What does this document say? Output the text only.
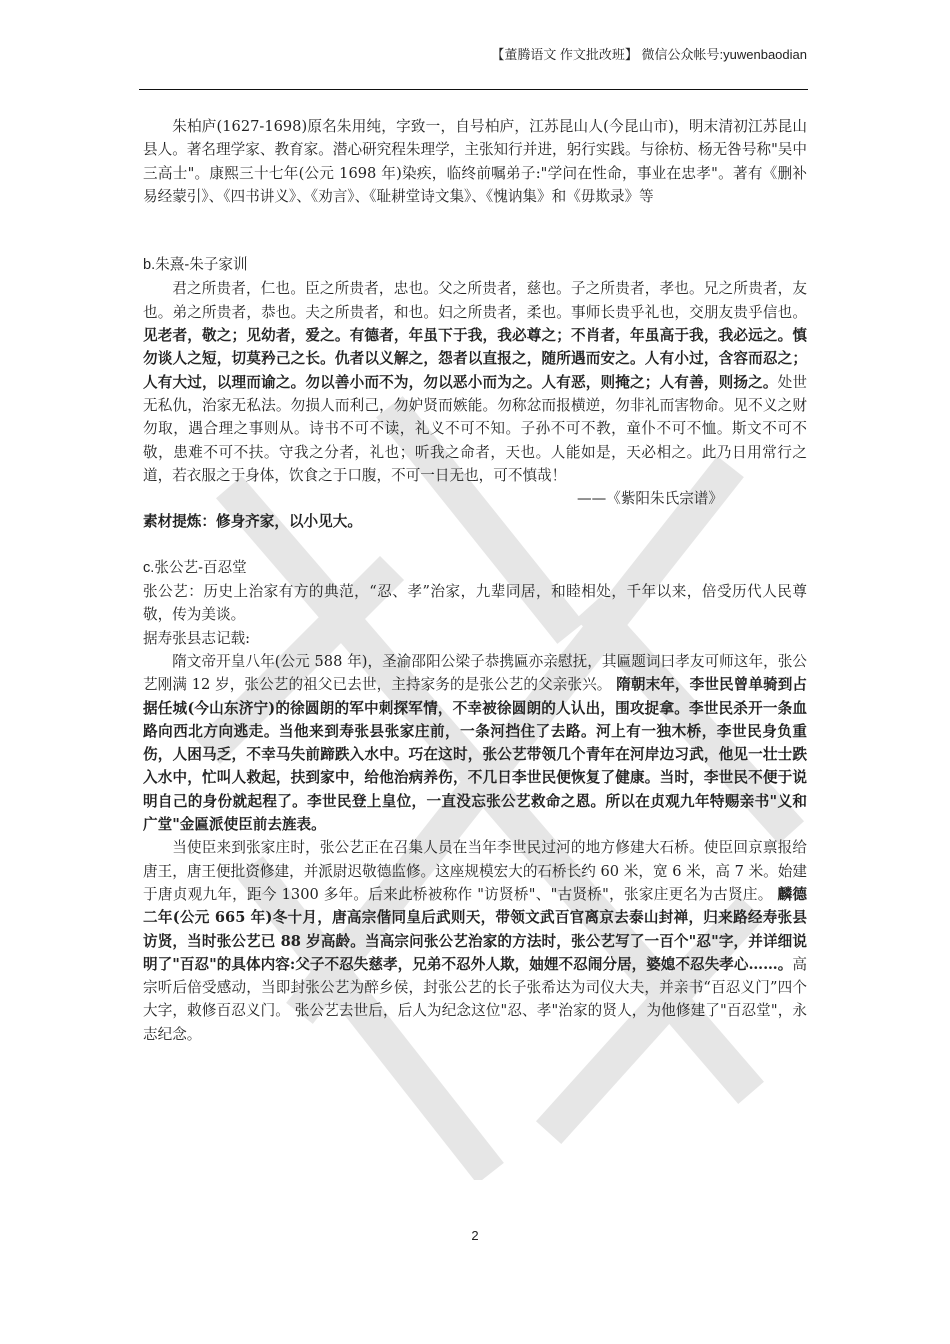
【董腾语文 作文批改班】 微信公众帐号:yuwenbaodian

朱柏庐(1627-1698)原名朱用纯，字致一，自号柏庐，江苏昆山人(今昆山市)，明末清初江苏昆山县人。著名理学家、教育家。潜心研究程朱理学，主张知行并进，躬行实践。与徐枋、杨无咎号称"吴中三高士"。康熙三十七年(公元 1698 年)染疾，临终前嘱弟子:"学问在性命，事业在忠孝"。著有《删补易经蒙引》、《四书讲义》、《劝言》、《耻耕堂诗文集》、《愧讷集》和《毋欺录》等

b.朱熹-朱子家训

君之所贵者，仁也。臣之所贵者，忠也。父之所贵者，慈也。子之所贵者，孝也。兄之所贵者，友也。弟之所贵者，恭也。夫之所贵者，和也。妇之所贵者，柔也。事师长贵乎礼也，交朋友贵乎信也。见老者，敬之；见幼者，爱之。有德者，年虽下于我，我必尊之；不肖者，年虽高于我，我必远之。慎勿谈人之短，切莫矜己之长。仇者以义解之，怨者以直报之，随所遇而安之。人有小过，含容而忍之；人有大过，以理而谕之。勿以善小而不为，勿以恶小而为之。人有恶，则掩之；人有善，则扬之。处世无私仇，治家无私法。勿损人而利己，勿妒贤而嫉能。勿称忿而报横逆，勿非礼而害物命。见不义之财勿取，遇合理之事则从。诗书不可不读，礼义不可不知。子孙不可不教，童仆不可不恤。斯文不可不敬，患难不可不扶。守我之分者，礼也；听我之命者，天也。人能如是，天必相之。此乃日用常行之道，若衣服之于身体，饮食之于口腹，不可一日无也，可不慎哉！

——《紫阳朱氏宗谱》

素材提炼：修身齐家，以小见大。

c.张公艺-百忍堂

张公艺：历史上治家有方的典范，“忍、孝”治家，九辈同居，和睦相处，千年以来，倍受历代人民尊敬，传为美谈。

据寿张县志记载:

隋文帝开皇八年(公元 588 年)，圣渝邵阳公梁子恭携匾亦亲慰抚，其匾题词曰孝友可师这年，张公艺刚满 12 岁，张公艺的祖父已去世，主持家务的是张公艺的父亲张兴。 隋朝末年，李世民曾单骑到占据任城(今山东济宁)的徐圆朗的军中刺探军情，不幸被徐圆朗的人认出，围攻捉拿。李世民杀开一条血路向西北方向逃走。当他来到寿张县张家庄前，一条河挡住了去路。河上有一独木桥，李世民身负重伤，人困马乏，不幸马失前蹄跌入水中。巧在这时，张公艺带领几个青年在河岸边习武，他见一壮士跌入水中，忙叫人救起，扶到家中，给他治病养伤，不几日李世民便恢复了健康。当时，李世民不便于说明自己的身份就起程了。李世民登上皇位，一直没忘张公艺救命之恩。所以在贞观九年特赐亲书"义和广堂"金匾派使臣前去旌表。

当使臣来到张家庄时，张公艺正在召集人员在当年李世民过河的地方修建大石桥。使臣回京禀报给唐王，唐王便批资修建，并派尉迟敬德监修。这座规模宏大的石桥长约 60 米，宽 6 米，高 7 米。始建于唐贞观九年，距今 1300 多年。后来此桥被称作 "访贤桥"、"古贤桥"，张家庄更名为古贤庄。 麟德二年(公元 665 年)冬十月，唐高宗偕同皇后武则天，带领文武百官离京去泰山封禅，归来路经寿张县访贤，当时张公艺已 88 岁高龄。当高宗问张公艺治家的方法时，张公艺写了一百个"忍"字，并详细说明了"百忍"的具体内容:父子不忍失慈孝，兄弟不忍外人欺，妯娌不忍闹分居，婆媳不忍失孝心……。高宗听后倍受感动，当即封张公艺为醉乡侯，封张公艺的长子张希达为司仪大夫，并亲书“百忍义门”四个大字，敕修百忍义门。 张公艺去世后，后人为纪念这位"忍、孝"治家的贤人，为他修建了"百忍堂"，永志纪念。

2
